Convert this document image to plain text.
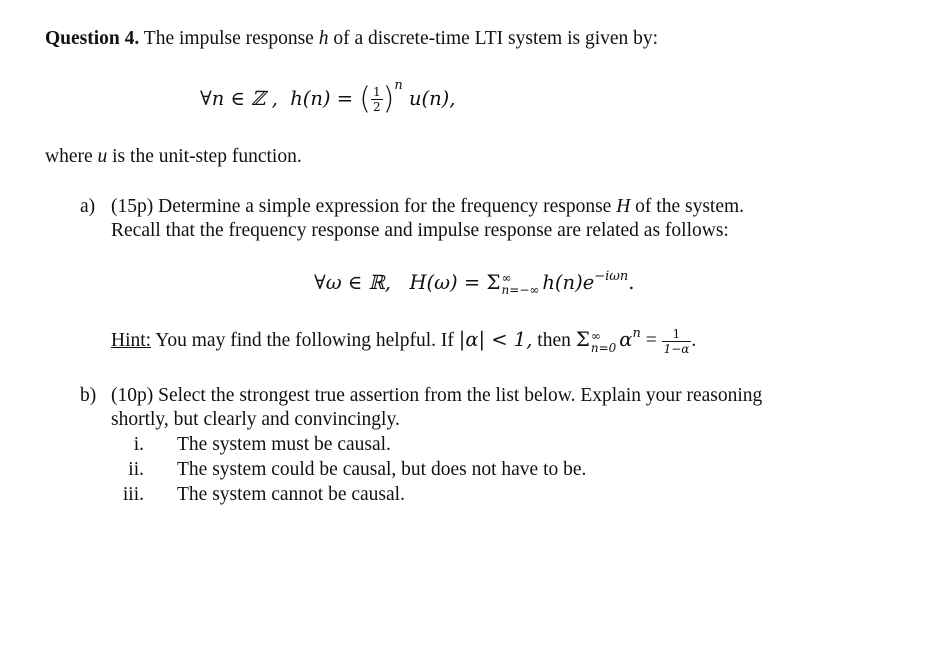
Question 4. The impulse response h of a discrete-time LTI system is given by:
∀n ∈ ℤ , h(n) = ( $\frac{1}{2} )^n$ u(n),
where u is the unit-step function.
a) (15p) Determine a simple expression for the frequency response H of the system.
Recall that the frequency response and impulse response are related as follows:
∀ω ∈ ℝ, H(ω) = Σ ∞
n=−∞ $h(n)e^{-i\omega n}$.
Hint: You may find the following helpful. If |α| < 1, then Σ ∞
n=0 $\alpha^n = \frac{1}{1-\alpha}$ .
b) (10p) Select the strongest true assertion from the list below. Explain your reasoning
shortly, but clearly and convincingly.
i. The system must be causal.
ii. The system could be causal, but does not have to be.
iii. The system cannot be causal.
